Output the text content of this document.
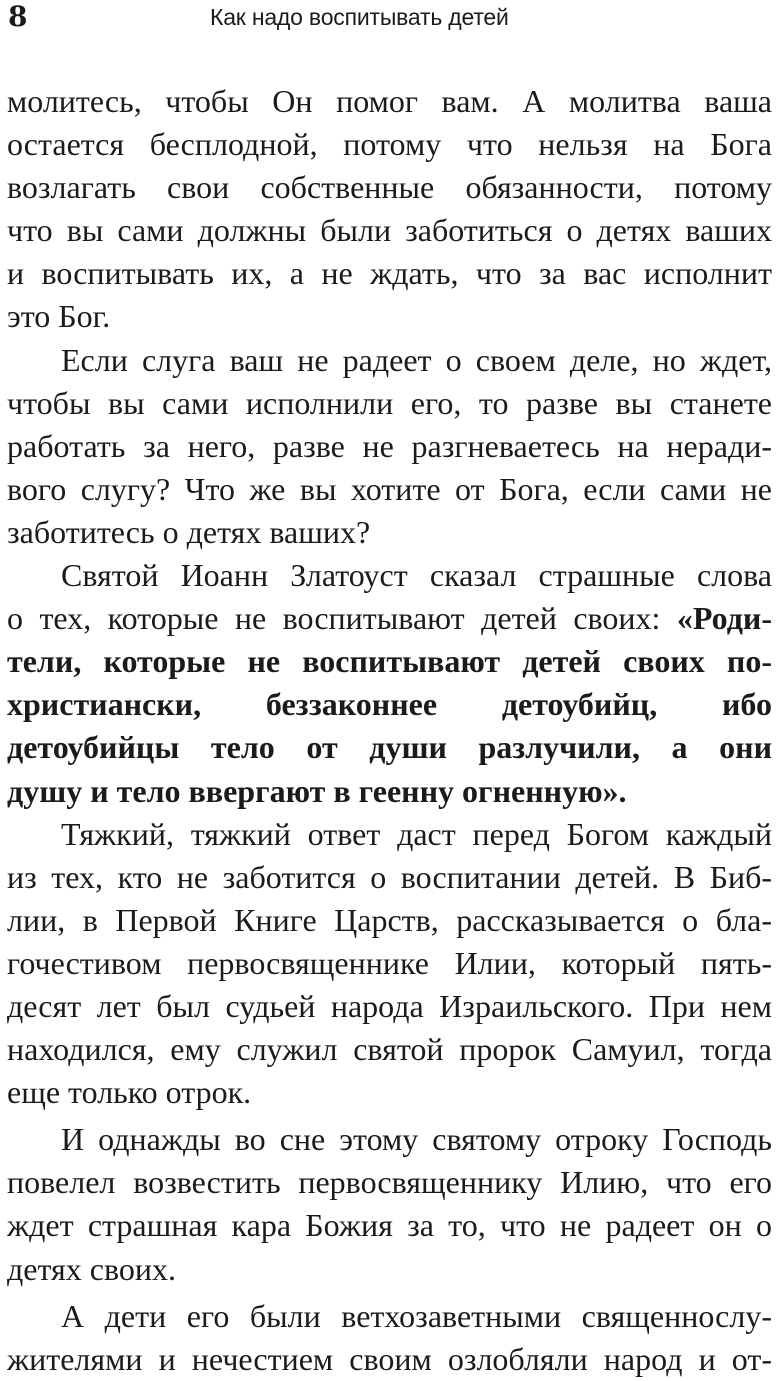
8	Как надо воспитывать детей
молитесь, чтобы Он помог вам. А молитва ваша
остается бесплодной, потому что нельзя на Бога
возлагать свои собственные обязанности, потому
что вы сами должны были заботиться о детях ваших
и воспитывать их, а не ждать, что за вас исполнит
это Бог.
Если слуга ваш не радеет о своем деле, но ждет,
чтобы вы сами исполнили его, то разве вы станете
работать за него, разве не разгневаетесь на неради-
вого слугу? Что же вы хотите от Бога, если сами не
заботитесь о детях ваших?
Святой Иоанн Златоуст сказал страшные слова
о тех, которые не воспитывают детей своих: «Роди-
тели, которые не воспитывают детей своих по-
христиански, беззаконнее детоубийц, ибо
детоубийцы тело от души разлучили, а они
душу и тело ввергают в геенну огненную».
Тяжкий, тяжкий ответ даст перед Богом каждый
из тех, кто не заботится о воспитании детей. В Биб-
лии, в Первой Книге Царств, рассказывается о бла-
гочестивом первосвященнике Илии, который пять-
десят лет был судьей народа Израильского. При нем
находился, ему служил святой пророк Самуил, тогда
еще только отрок.
И однажды во сне этому святому отроку Господь
повелел возвестить первосвященнику Илию, что его
ждет страшная кара Божия за то, что не радеет он о
детях своих.
А дети его были ветхозаветными священнослу-
жителями и нечестием своим озлобляли народ и от-
